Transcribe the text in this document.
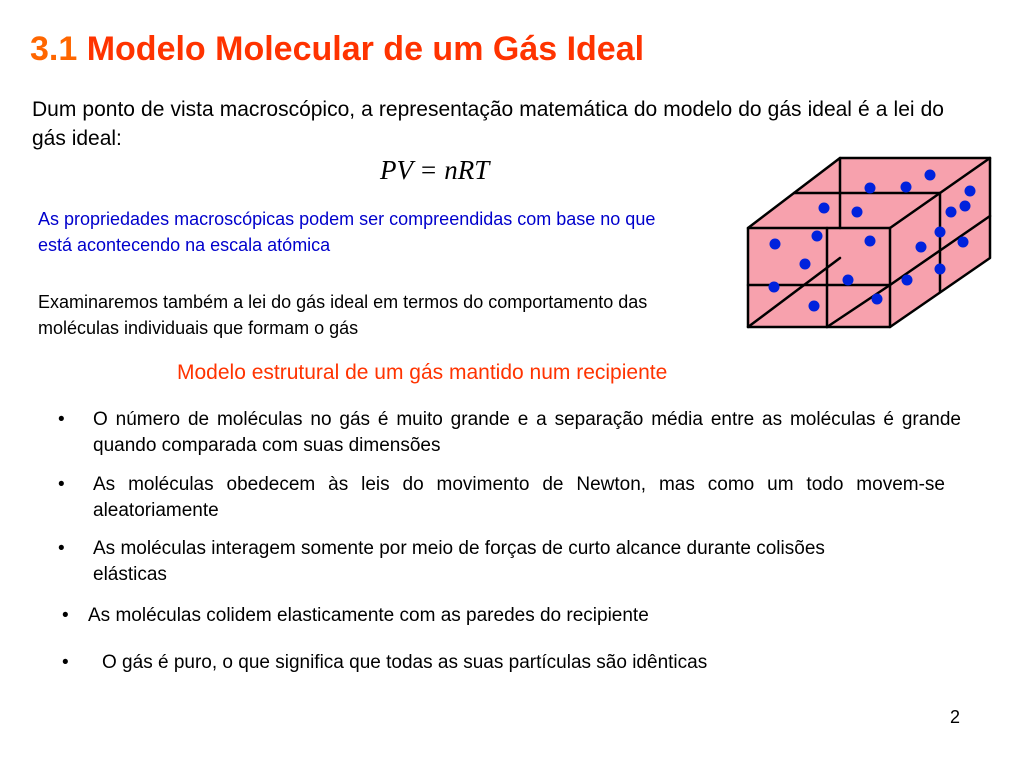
3.1 Modelo Molecular de um Gás Ideal
Dum ponto de vista macroscópico, a representação matemática do modelo do gás ideal é a lei do gás ideal:
PV = nRT
As propriedades macroscópicas podem ser compreendidas com base no que está acontecendo na escala atómica
Examinaremos também a lei do gás ideal em termos do comportamento das moléculas individuais que formam o gás
Modelo estrutural de um gás mantido num recipiente
• O número de moléculas no gás é muito grande e a separação média entre as moléculas é grande quando comparada com suas dimensões
• As moléculas obedecem às leis do movimento de Newton, mas como um todo movem-se aleatoriamente
• As moléculas interagem somente por meio de forças de curto alcance durante colisões elásticas
• As moléculas colidem elasticamente com as paredes do recipiente
• O gás é puro, o que significa que todas as suas partículas são idênticas
2
